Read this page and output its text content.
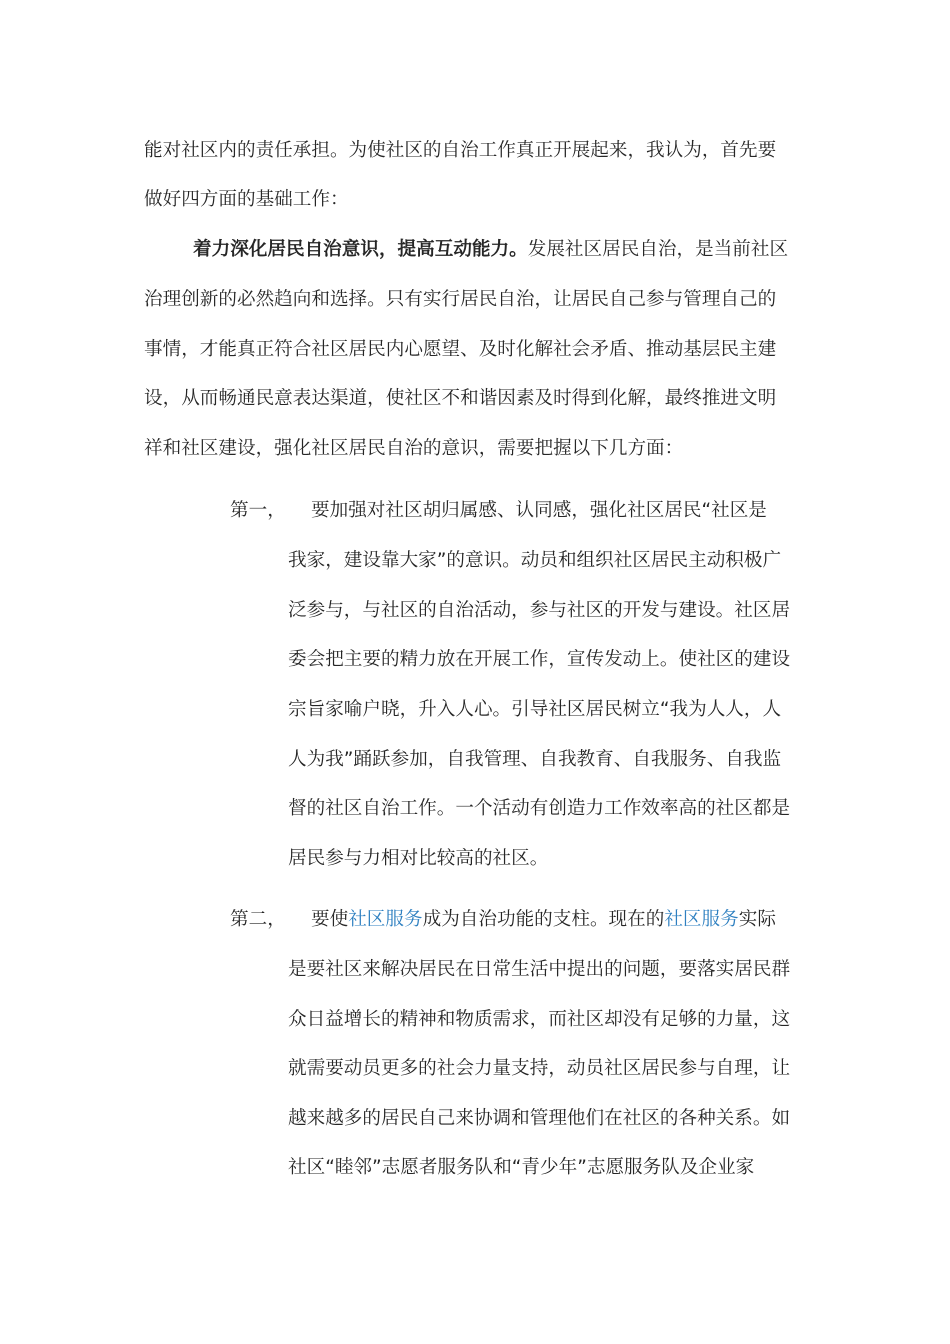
能对社区内的责任承担。为使社区的自治工作真正开展起来，我认为，首先要
做好四方面的基础工作：
着力深化居民自治意识，提高互动能力。发展社区居民自治，是当前社区
治理创新的必然趋向和选择。只有实行居民自治，让居民自己参与管理自己的
事情，才能真正符合社区居民内心愿望、及时化解社会矛盾、推动基层民主建
设，从而畅通民意表达渠道，使社区不和谐因素及时得到化解，最终推进文明
祥和社区建设，强化社区居民自治的意识，需要把握以下几方面：
第一， 要加强对社区胡归属感、认同感，强化社区居民“社区是
我家，建设靠大家”的意识。动员和组织社区居民主动积极广
泛参与，与社区的自治活动，参与社区的开发与建设。社区居
委会把主要的精力放在开展工作，宣传发动上。使社区的建设
宗旨家喻户晓，升入人心。引导社区居民树立“我为人人，人
人为我”踊跃参加，自我管理、自我教育、自我服务、自我监
督的社区自治工作。一个活动有创造力工作效率高的社区都是
居民参与力相对比较高的社区。
第二， 要使社区服务成为自治功能的支柱。现在的社区服务实际
是要社区来解决居民在日常生活中提出的问题，要落实居民群
众日益增长的精神和物质需求，而社区却没有足够的力量，这
就需要动员更多的社会力量支持，动员社区居民参与自理，让
越来越多的居民自己来协调和管理他们在社区的各种关系。如
社区“睦邻”志愿者服务队和“青少年”志愿服务队及企业家
